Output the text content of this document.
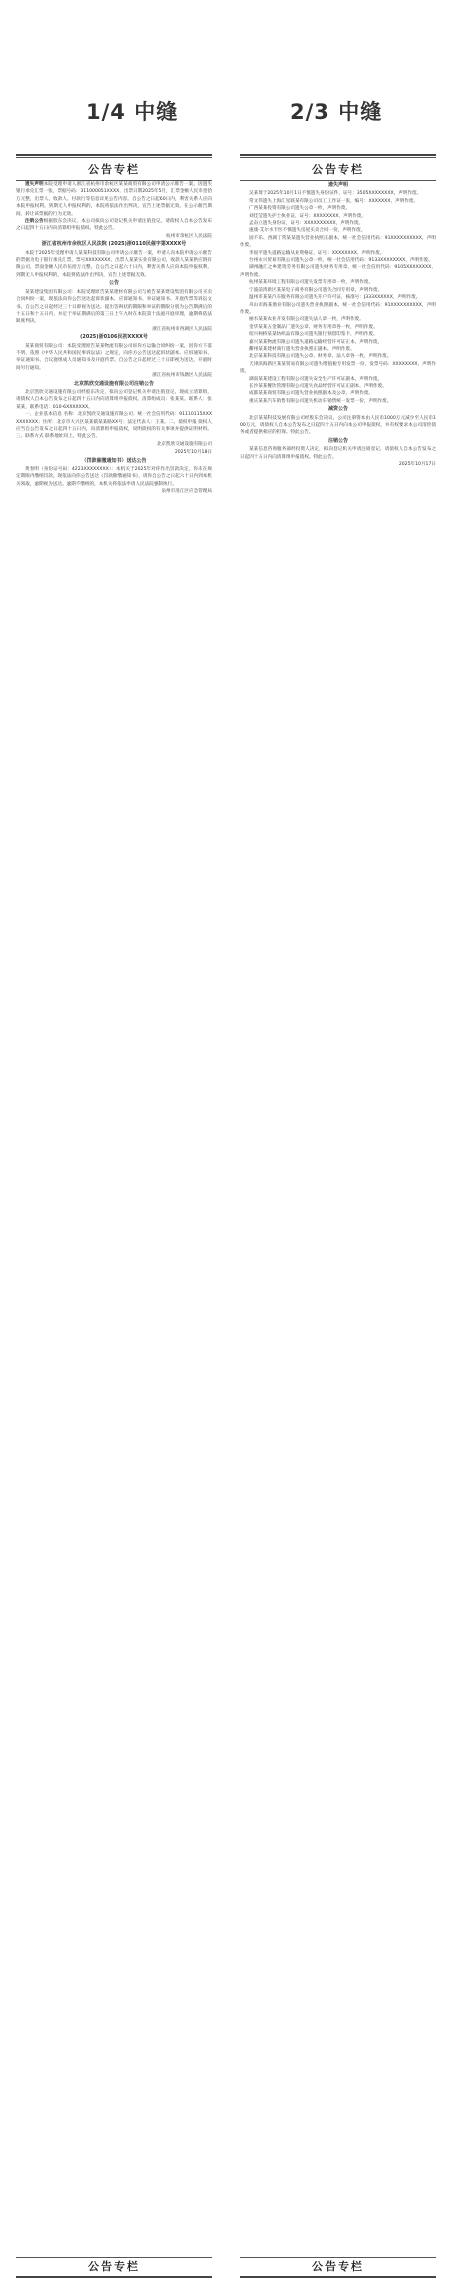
1/4 中缝	2/3 中缝
公告专栏

遗失声明本院受理申请人浙江省杭州市余杭区某某商贸有限公司申请公示催告一案，因遗失银行承兑汇票一张，票据号码：311000051XXXX，出票日期2025年5月，汇票金额人民币壹拾万元整，出票人、收款人、付款行等信息详见公告内容。自公告之日起60日内，利害关系人应向本院申报权利。到期无人申报权利的，本院将依法作出判决，宣告上述票据无效。在公示催告期间，转让该票据的行为无效。

注销公告根据股东会决议，本公司拟向公司登记机关申请注销登记，请债权人自本公告发布之日起四十五日内向清算组申报债权。特此公告。

杭州市余杭区人民法院
浙江省杭州市余杭区人民法院 (2025)浙0110民催字第XXXX号

本院于2025年受理申请人某某科技有限公司申请公示催告一案，申请人向本院申请公示催告的票据为电子银行承兑汇票，票号XXXXXXXX，出票人某某实业有限公司，收款人某某供应链有限公司，票面金额人民币伍拾万元整。自公告之日起六十日内，利害关系人应向本院申报权利，到期无人申报权利的，本院将依法作出判决，宣告上述票据无效。

公告

某某建设集团有限公司：本院受理原告某某建材有限公司与被告某某建设集团有限公司买卖合同纠纷一案，现依法向你公告送达起诉状副本、应诉通知书、举证通知书、开庭传票等诉讼文书。自公告之日起经过三十日即视为送达。提出答辩状的期限和举证的期限分别为公告期满后的十五日和十五日内，并定于举证期满后的第三日上午九时在本院第十法庭开庭审理，逾期将依法缺席判决。

浙江省杭州市西湖区人民法院
(2025)浙0106民初XXXX号

某某商贸有限公司：本院受理原告某某物流有限公司诉你方运输合同纠纷一案，因你方下落不明，依照《中华人民共和国民事诉讼法》之规定，向你方公告送达起诉状副本、应诉通知书、举证通知书、合议庭组成人员通知书及开庭传票。自公告之日起经过三十日即视为送达，开庭时间另行通知。

浙江省杭州市钱塘区人民法院
北京凯欣交通设施有限公司注销公告

北京凯欣交通设施有限公司经股东决定，拟向公司登记机关申请注销登记，现成立清算组，请债权人自本公告发布之日起四十五日内向清算组申报债权。清算组成员：张某某。联系人：张某某，联系电话：010-6XXXXXXX。

一、企业基本信息 名称：北京凯欣交通设施有限公司；统一社会信用代码：91110115XXXXXXXXXX；住所：北京市大兴区某某镇某某路XX号；法定代表人：王某。二、债权申报 债权人应当自公告发布之日起四十五日内，向清算组申报债权，说明债权的有关事项并提供证明材料。三、联系方式 联系地址同上。特此公告。

北京凯欣交通设施有限公司
2025年10月18日
（罚款催缴通知书）送达公告

黄春明（身份证号码：4223XXXXXXXX）：本机关于2025年对你作出罚款决定，你未在规定期限内缴纳罚款。现依法向你公告送达《罚款催缴通知书》，请你自公告之日起六十日内到本机关领取，逾期视为送达。逾期不缴纳的，本机关将依法申请人民法院强制执行。

泉州市洛江区应急管理局
公告专栏
公告专栏
遗失声明

吴某琦于2025年10月1日不慎遗失身份证件，证号：3505XXXXXXXX，声明作废。

常文伟遗失上海汇星联某有限公司员工工作证一张，编号：XXXXXXX，声明作废。

广西某某投资有限公司遗失公章一枚，声明作废。

刘佳莹遗失护士执业证，证号：XXXXXXXX，声明作废。

孟奋立遗失身份证，证号：XXXXXXXXXX，声明作废。

速康·艾尔水卡医不慎遗失房屋买卖合同一份，声明作废。

固不乐、西湖丁常某某遗失营业执照正副本，统一社会信用代码：91XXXXXXXXXX，声明作废。

李国平遗失道路运输从业资格证，证号：XXXXXXXX，声明作废。

台州永兴贸易有限公司遗失公章一枚，统一社会信用代码：9133XXXXXXXX，声明作废。

湖州融汇之乡建筑劳务有限公司遗失财务专用章，统一社会信用代码：9105XXXXXXXX，声明作废。

杭州某某环境工程有限公司遗失发票专用章一枚，声明作废。

宁波前湾新区某某电子商务有限公司遗失合同专用章，声明作废。

温州市某某汽车服务有限公司遗失开户许可证，核准号：J333XXXXXX，声明作废。

舟山市海某渔业有限公司遗失营业执照副本，统一社会信用代码：91XXXXXXXXXX，声明作废。

丽水某某农业开发有限公司遗失法人章一枚，声明作废。

金华某某五金制品厂遗失公章、财务专用章各一枚，声明作废。

绍兴柯桥某某纺织品有限公司遗失银行预留印鉴卡，声明作废。

嘉兴某某物流有限公司遗失道路运输经营许可证正本，声明作废。

衢州某某建材商行遗失营业执照正副本，声明作废。

北京某某科技有限公司遗失公章、财务章、法人章各一枚，声明作废。

天津滨海新区某某贸易有限公司遗失增值税专用发票一份，发票号码：XXXXXXXX，声明作废。

湖南某某建设工程有限公司遗失安全生产许可证副本，声明作废。

长沙某某餐饮管理有限公司遗失食品经营许可证正副本，声明作废。

成都某某商贸有限公司遗失营业执照副本及公章，声明作废。

重庆某某汽车销售有限公司遗失机动车销售统一发票一份，声明作废。

减资公告

北京某某科技发展有限公司经股东会决议，公司注册资本由人民币1000万元减少至人民币100万元，请债权人自本公告发布之日起四十五日内向本公司申报债权，并有权要求本公司清偿债务或者提供相应的担保。特此公告。

注销公告

某某信息咨询服务部经投资人决定，拟向登记机关申请注销登记，请债权人自本公告发布之日起四十五日内向清算组申报债权。特此公告。

2025年10月17日
公告专栏
